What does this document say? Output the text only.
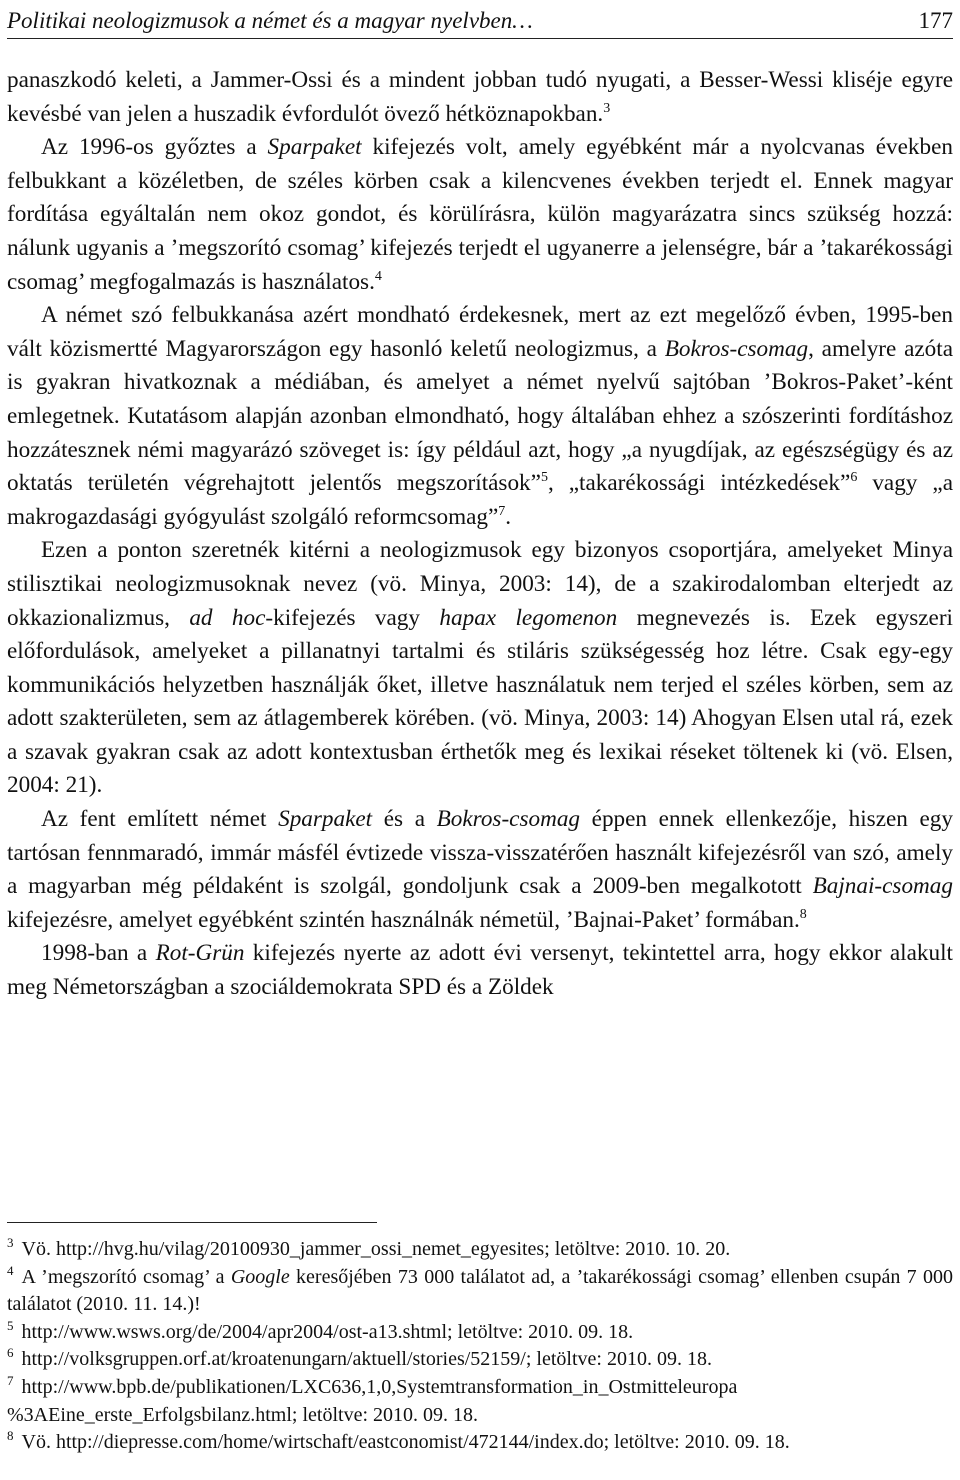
Politikai neologizmusok a német és a magyar nyelvben…	177

panaszkodó keleti, a Jammer-Ossi és a mindent jobban tudó nyugati, a Besser-Wessi kliséje egyre kevésbé van jelen a huszadik évfordulót övező hétköznapokban.$^3$

Az 1996-os győztes a Sparpaket kifejezés volt, amely egyébként már a nyolcvanas években felbukkant a közéletben, de széles körben csak a kilencvenes években terjedt el. Ennek magyar fordítása egyáltalán nem okoz gondot, és körülírásra, külön magyarázatra sincs szükség hozzá: nálunk ugyanis a ’megszorító csomag’ kifejezés terjedt el ugyanerre a jelenségre, bár a ’takarékossági csomag’ megfogalmazás is használatos.$^4$

A német szó felbukkanása azért mondható érdekesnek, mert az ezt megelőző évben, 1995-ben vált közismertté Magyarországon egy hasonló keletű neologizmus, a Bokros-csomag, amelyre azóta is gyakran hivatkoznak a médiában, és amelyet a német nyelvű sajtóban ’Bokros-Paket’-ként emlegetnek. Kutatásom alapján azonban elmondható, hogy általában ehhez a szószerinti fordításhoz hozzátesznek némi magyarázó szöveget is: így például azt, hogy „a nyugdíjak, az egészségügy és az oktatás területén végrehajtott jelentős megszorítások”$^5$, „takarékossági intézkedések”$^6$ vagy „a makrogazdasági gyógyulást szolgáló reformcsomag”$^7$.

Ezen a ponton szeretnék kitérni a neologizmusok egy bizonyos csoportjára, amelyeket Minya stilisztikai neologizmusoknak nevez (vö. Minya, 2003: 14), de a szakirodalomban elterjedt az okkazionalizmus, ad hoc-kifejezés vagy hapax legomenon megnevezés is. Ezek egyszeri előfordulások, amelyeket a pillanatnyi tartalmi és stiláris szükségesség hoz létre. Csak egy-egy kommunikációs helyzetben használják őket, illetve használatuk nem terjed el széles körben, sem az adott szakterületen, sem az átlagemberek körében. (vö. Minya, 2003: 14) Ahogyan Elsen utal rá, ezek a szavak gyakran csak az adott kontextusban érthetők meg és lexikai réseket töltenek ki (vö. Elsen, 2004: 21).

Az fent említett német Sparpaket és a Bokros-csomag éppen ennek ellenkezője, hiszen egy tartósan fennmaradó, immár másfél évtizede vissza-visszatérően használt kifejezésről van szó, amely a magyarban még példaként is szolgál, gondoljunk csak a 2009-ben megalkotott Bajnai-csomag kifejezésre, amelyet egyébként szintén használnák németül, ’Bajnai-Paket’ formában.$^8$

1998-ban a Rot-Grün kifejezés nyerte az adott évi versenyt, tekintettel arra, hogy ekkor alakult meg Németországban a szociáldemokrata SPD és a Zöldek

$^3$ Vö. http://hvg.hu/vilag/20100930_jammer_ossi_nemet_egyesites; letöltve: 2010. 10. 20.

$^4$ A ’megszorító csomag’ a Google keresőjében 73 000 találatot ad, a ’takarékossági csomag’ ellenben csupán 7 000 találatot (2010. 11. 14.)!

$^5$ http://www.wsws.org/de/2004/apr2004/ost-a13.shtml; letöltve: 2010. 09. 18.

$^6$ http://volksgruppen.orf.at/kroatenungarn/aktuell/stories/52159/; letöltve: 2010. 09. 18.

$^7$ http://www.bpb.de/publikationen/LXC636,1,0,Systemtransformation_in_Ostmitteleuropa %3AEine_erste_Erfolgsbilanz.html; letöltve: 2010. 09. 18.

$^8$ Vö. http://diepresse.com/home/wirtschaft/eastconomist/472144/index.do; letöltve: 2010. 09. 18.
